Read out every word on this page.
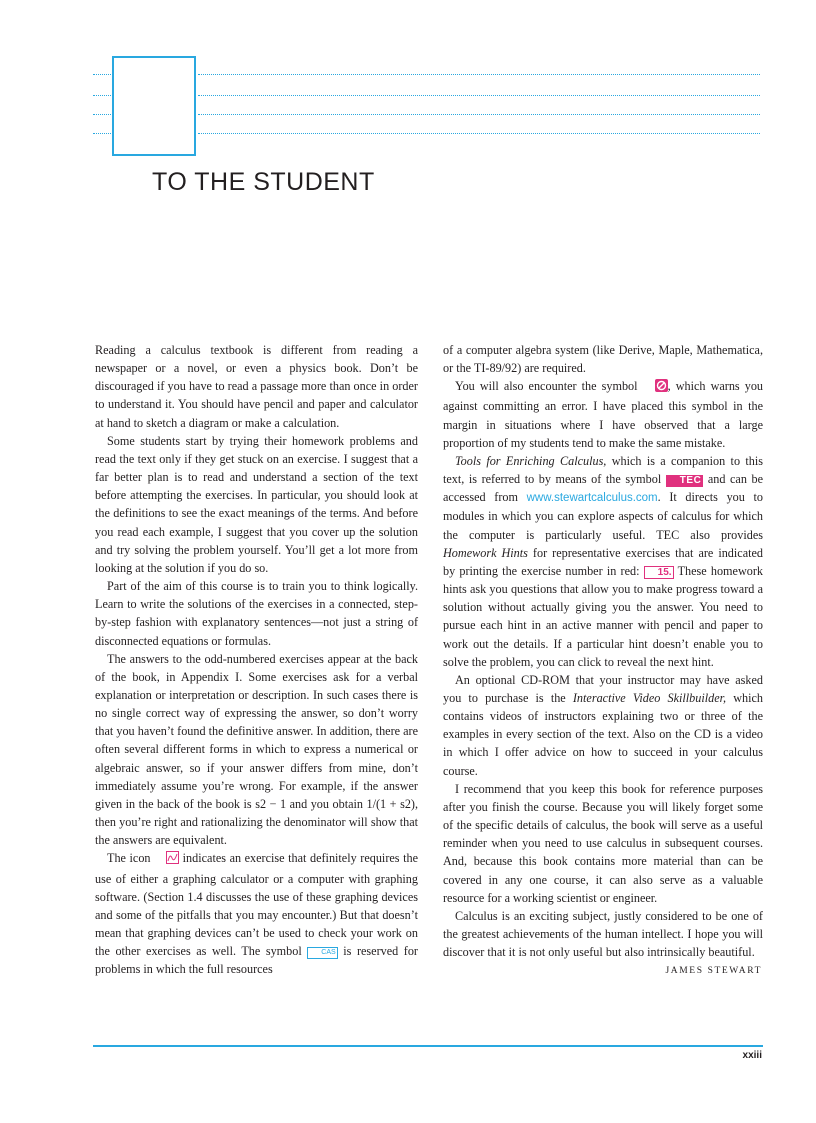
TO THE STUDENT

Reading a calculus textbook is different from reading a newspaper or a novel, or even a physics book. Don’t be discouraged if you have to read a passage more than once in order to understand it. You should have pencil and paper and calculator at hand to sketch a diagram or make a calculation.

Some students start by trying their homework problems and read the text only if they get stuck on an exercise. I suggest that a far better plan is to read and understand a section of the text before attempting the exercises. In particular, you should look at the definitions to see the exact meanings of the terms. And before you read each example, I suggest that you cover up the solution and try solving the problem yourself. You’ll get a lot more from looking at the solution if you do so.

Part of the aim of this course is to train you to think logically. Learn to write the solutions of the exercises in a connected, step-by-step fashion with explanatory sentences—not just a string of disconnected equations or formulas.

The answers to the odd-numbered exercises appear at the back of the book, in Appendix I. Some exercises ask for a verbal explanation or interpretation or description. In such cases there is no single correct way of expressing the answer, so don’t worry that you haven’t found the definitive answer. In addition, there are often several different forms in which to express a numerical or algebraic answer, so if your answer differs from mine, don’t immediately assume you’re wrong. For example, if the answer given in the back of the book is s2 − 1 and you obtain 1/(1 + s2), then you’re right and rationalizing the denominator will show that the answers are equivalent.

The icon	indicates an exercise that definitely requires the use of either a graphing calculator or a computer with graphing software. (Section 1.4 discusses the use of these graphing devices and some of the pitfalls that you may encounter.) But that doesn’t mean that graphing devices can’t be used to check your work on the other exercises as well. The symbol	CAS is reserved for problems in which the full resources

of a computer algebra system (like Derive, Maple, Mathematica, or the TI-89/92) are required.

You will also encounter the symbol , which warns you against committing an error. I have placed this symbol in the margin in situations where I have observed that a large proportion of my students tend to make the same mistake.

Tools for Enriching Calculus, which is a companion to this text, is referred to by means of the symbol TEC and can be accessed from www.stewartcalculus.com. It directs you to modules in which you can explore aspects of calculus for which the computer is particularly useful. TEC also provides Homework Hints for representative exercises that are indicated by printing the exercise number in red: 15. These homework hints ask you questions that allow you to make progress toward a solution without actually giving you the answer. You need to pursue each hint in an active manner with pencil and paper to work out the details. If a particular hint doesn’t enable you to solve the problem, you can click to reveal the next hint.

An optional CD-ROM that your instructor may have asked you to purchase is the Interactive Video Skillbuilder, which contains videos of instructors explaining two or three of the examples in every section of the text. Also on the CD is a video in which I offer advice on how to succeed in your calculus course.

I recommend that you keep this book for reference purposes after you finish the course. Because you will likely forget some of the specific details of calculus, the book will serve as a useful reminder when you need to use calculus in subsequent courses. And, because this book contains more material than can be covered in any one course, it can also serve as a valuable resource for a working scientist or engineer.

Calculus is an exciting subject, justly considered to be one of the greatest achievements of the human intellect. I hope you will discover that it is not only useful but also intrinsically beautiful.

JAMES STEWART
xxiii
